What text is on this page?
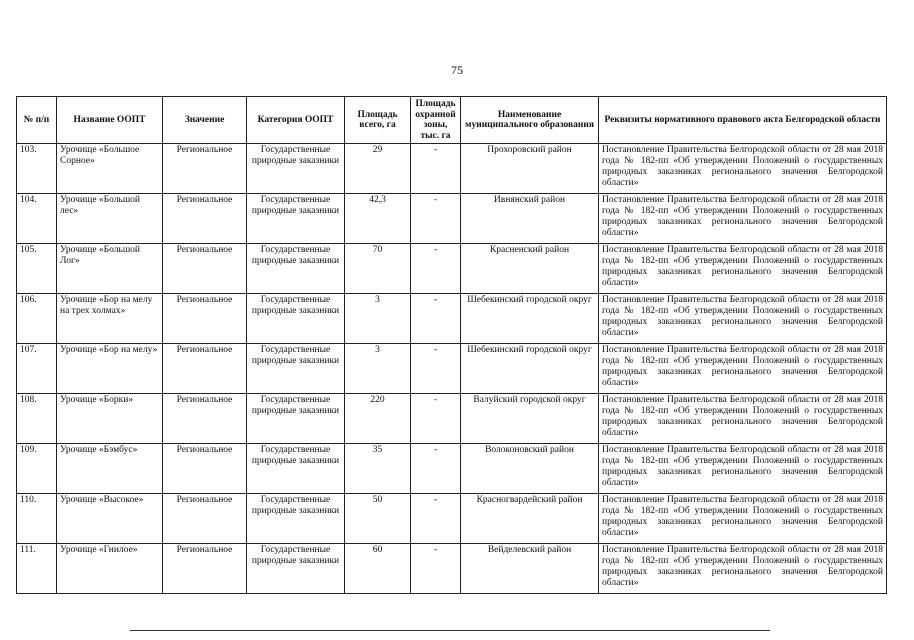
75
№ п/п	Название ООПТ	Значение	Категория ООПТ	Площадь всего, га	Площадь охранной зоны, тыс. га	Наименование муниципального образования	Реквизиты нормативного правового акта Белгородской области
103.	Урочище «Большое Сорное»	Региональное	Государственные природные заказники	29	-	Прохоровский район	Постановление Правительства Белгородской области от 28 мая 2018 года № 182-пп «Об утверждении Положений о государственных природных заказниках регионального значения Белгородской области»
104.	Урочище «Большой лес»	Региональное	Государственные природные заказники	42,3	-	Ивнянский район	Постановление Правительства Белгородской области от 28 мая 2018 года № 182-пп «Об утверждении Положений о государственных природных заказниках регионального значения Белгородской области»
105.	Урочище «Большой Лог»	Региональное	Государственные природные заказники	70	-	Красненский район	Постановление Правительства Белгородской области от 28 мая 2018 года № 182-пп «Об утверждении Положений о государственных природных заказниках регионального значения Белгородской области»
106.	Урочище «Бор на мелу на трех холмах»	Региональное	Государственные природные заказники	3	-	Шебекинский городской округ	Постановление Правительства Белгородской области от 28 мая 2018 года № 182-пп «Об утверждении Положений о государственных природных заказниках регионального значения Белгородской области»
107.	Урочище «Бор на мелу»	Региональное	Государственные природные заказники	3	-	Шебекинский городской округ	Постановление Правительства Белгородской области от 28 мая 2018 года № 182-пп «Об утверждении Положений о государственных природных заказниках регионального значения Белгородской области»
108.	Урочище «Борки»	Региональное	Государственные природные заказники	220	-	Валуйский городской округ	Постановление Правительства Белгородской области от 28 мая 2018 года № 182-пп «Об утверждении Положений о государственных природных заказниках регионального значения Белгородской области»
109.	Урочище «Бэмбус»	Региональное	Государственные природные заказники	35	-	Волоконовский район	Постановление Правительства Белгородской области от 28 мая 2018 года № 182-пп «Об утверждении Положений о государственных природных заказниках регионального значения Белгородской области»
110.	Урочище «Высокое»	Региональное	Государственные природные заказники	50	-	Красногвардейский район	Постановление Правительства Белгородской области от 28 мая 2018 года № 182-пп «Об утверждении Положений о государственных природных заказниках регионального значения Белгородской области»
111.	Урочище «Гнилое»	Региональное	Государственные природные заказники	60	-	Вейделевский район	Постановление Правительства Белгородской области от 28 мая 2018 года № 182-пп «Об утверждении Положений о государственных природных заказниках регионального значения Белгородской области»
